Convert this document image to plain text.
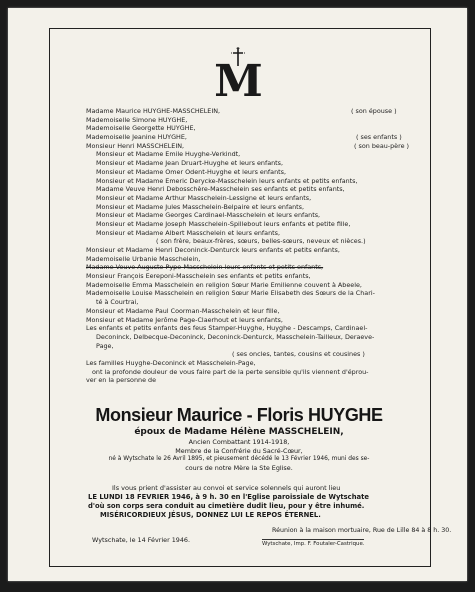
M
Madame Maurice HUYGHE-MASSCHELEIN,	( son épouse )
Mademoiselle Simone HUYGHE,
Mademoiselle Georgette HUYGHE,
Mademoiselle Jeanine HUYGHE,	( ses enfants )
Monsieur Henri MASSCHELEIN,	( son beau-père )
Monsieur et Madame Emile Huyghe-Verkindt,
Monsieur et Madame Jean Druart-Huyghe et leurs enfants,
Monsieur et Madame Omer Odent-Huyghe et leurs enfants,
Monsieur et Madame Emeric Derycke-Masschelein leurs enfants et petits enfants,
Madame Veuve Henri Debosschère-Masschelein ses enfants et petits enfants,
Monsieur et Madame Arthur Masschelein-Lessigne et leurs enfants,
Monsieur et Madame Jules Masschelein-Belpaire et leurs enfants,
Monsieur et Madame Georges Cardinael-Masschelein et leurs enfants,
Monsieur et Madame Joseph Masschelein-Spillebout leurs enfants et petite fille,
Monsieur et Madame Albert Masschelein et leurs enfants,
( son frère, beaux-frères, sœurs, belles-sœurs, neveux et nièces.)
Monsieur et Madame Henri Deconinck-Denturck leurs enfants et petits enfants,
Mademoiselle Urbanie Masschelein,
Madame Veuve Auguste Pype-Masschelein leurs enfants et petits enfants,
Monsieur François Eereponi-Masschelein ses enfants et petits enfants,
Mademoiselle Emma Masschelein en religion Sœur Marie Emilienne couvent à Abeele,
Mademoiselle Louise Masschelein en religion Sœur Marie Elisabeth des Sœurs de la Chari-
té à Courtrai,
Monsieur et Madame Paul Coorman-Masschelein et leur fille,
Monsieur et Madame Jerôme Page-Claerhout et leurs enfants,
Les enfants et petits enfants des feus Stamper-Huyghe, Huyghe - Descamps, Cardinael-
Deconinck, Delbecque-Deconinck, Deconinck-Denturck, Masschelein-Tailleux, Deraeve-
Page,
( ses oncles, tantes, cousins et cousines )
Les familles Huyghe-Deconinck et Masschelein-Page,
ont la profonde douleur de vous faire part de la perte sensible qu'ils viennent d'éprou-
ver en la personne de
Monsieur Maurice - Floris HUYGHE
époux de Madame Hélène MASSCHELEIN,
Ancien Combattant 1914-1918,
Membre de la Confrérie du Sacré-Cœur,
né à Wytschate le 26 Avril 1895, et pieusement décédé le 13 Février 1946, muni des se-
cours de notre Mère la Ste Eglise.
Ils vous prient d'assister au convoi et service solennels qui auront lieu
LE LUNDI 18 FEVRIER 1946, à 9 h. 30 en l'Eglise paroissiale de Wytschate
d'où son corps sera conduit au cimetière dudit lieu, pour y être inhumé.
MISÉRICORDIEUX JÉSUS, DONNEZ LUI LE REPOS ÉTERNEL.
Réunion à la maison mortuaire, Rue de Lille 84 à 8 h. 30.
Wytschate, le 14 Février 1946.	Wytschate, Imp. F. Foutaler-Castrique.
